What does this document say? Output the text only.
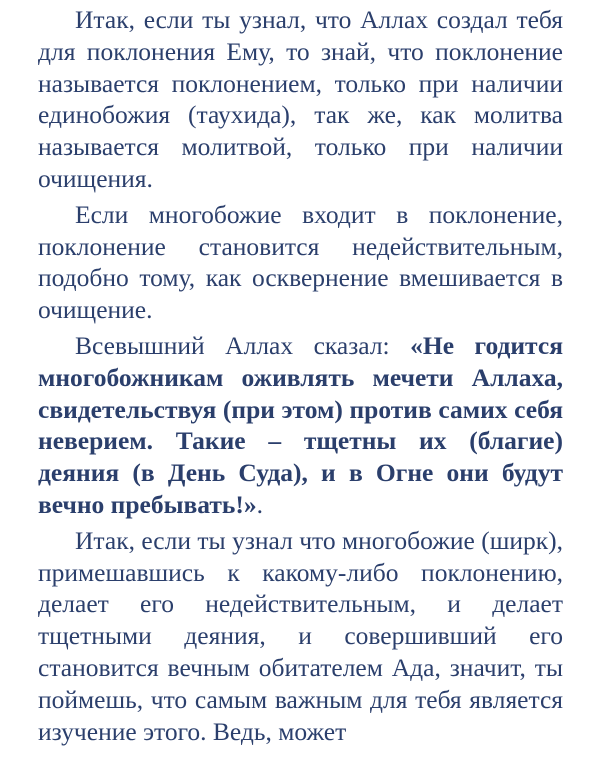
Итак, если ты узнал, что Аллах создал тебя для поклонения Ему, то знай, что поклонение называется поклонением, только при наличии единобожия (таухида), так же, как молитва называется молитвой, только при наличии очищения.

Если многобожие входит в поклонение, поклонение становится недействительным, подобно тому, как осквернение вмешивается в очищение.

Всевышний Аллах сказал: «Не годится многобожникам оживлять мечети Аллаха, свидетельствуя (при этом) против самих себя неверием. Такие – тщетны их (благие) деяния (в День Суда), и в Огне они будут вечно пребывать!».

Итак, если ты узнал что многобожие (ширк), примешавшись к какому-либо поклонению, делает его недействительным, и делает тщетными деяния, и совершивший его становится вечным обитателем Ада, значит, ты поймешь, что самым важным для тебя является изучение этого. Ведь, может
